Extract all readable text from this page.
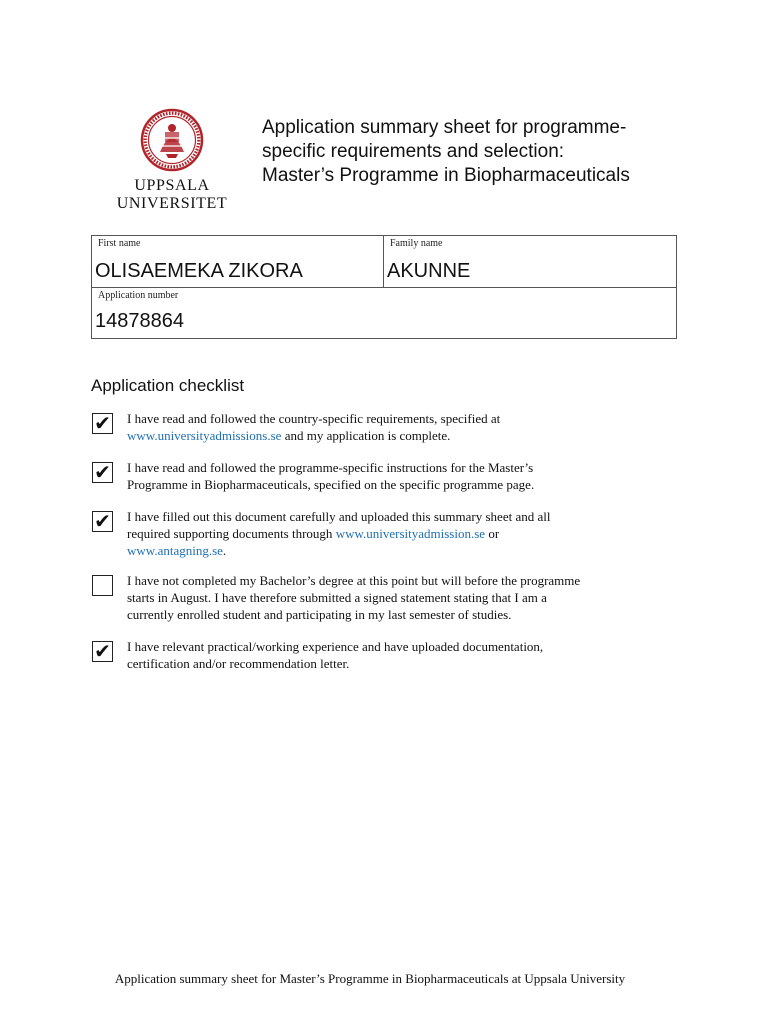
UPPSALA
UNIVERSITET
Application summary sheet for programme-
specific requirements and selection:
Master’s Programme in Biopharmaceuticals
First name
OLISAEMEKA ZIKORA
Family name
AKUNNE
Application number
14878864
Application checklist
✔ I have read and followed the country-specific requirements, specified at
www.universityadmissions.se and my application is complete.
✔ I have read and followed the programme-specific instructions for the Master’s
Programme in Biopharmaceuticals, specified on the specific programme page.
✔ I have filled out this document carefully and uploaded this summary sheet and all
required supporting documents through www.universityadmission.se or
www.antagning.se.
I have not completed my Bachelor’s degree at this point but will before the programme
starts in August. I have therefore submitted a signed statement stating that I am a
currently enrolled student and participating in my last semester of studies.
✔ I have relevant practical/working experience and have uploaded documentation,
certification and/or recommendation letter.
Application summary sheet for Master’s Programme in Biopharmaceuticals at Uppsala University
